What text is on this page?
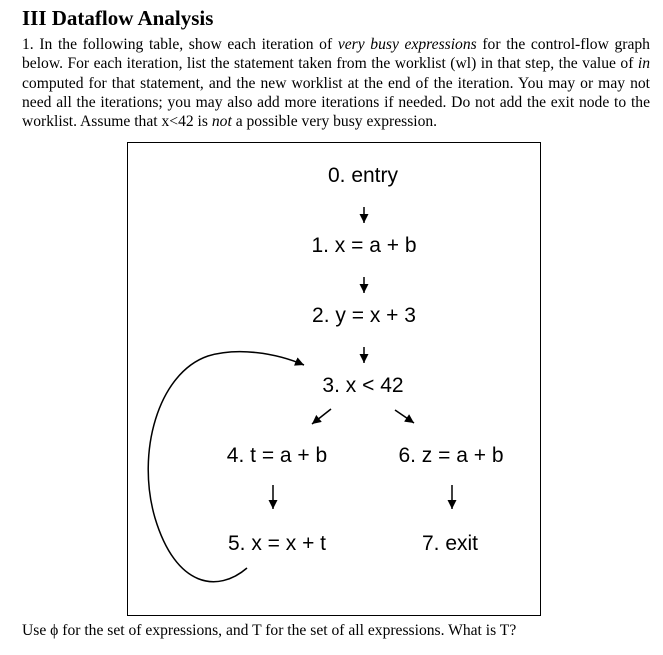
III Dataflow Analysis
1. In the following table, show each iteration of very busy expressions for the control-flow graph below. For each iteration, list the statement taken from the worklist (wl) in that step, the value of in computed for that statement, and the new worklist at the end of the iteration. You may or may not need all the iterations; you may also add more iterations if needed. Do not add the exit node to the worklist. Assume that x<42 is not a possible very busy expression.
0. entry
1. x = a + b
2. y = x + 3
3. x < 42
4. t = a + b
5. x = x + t
6. z = a + b
7. exit
Use ϕ for the set of expressions, and T for the set of all expressions. What is T?
